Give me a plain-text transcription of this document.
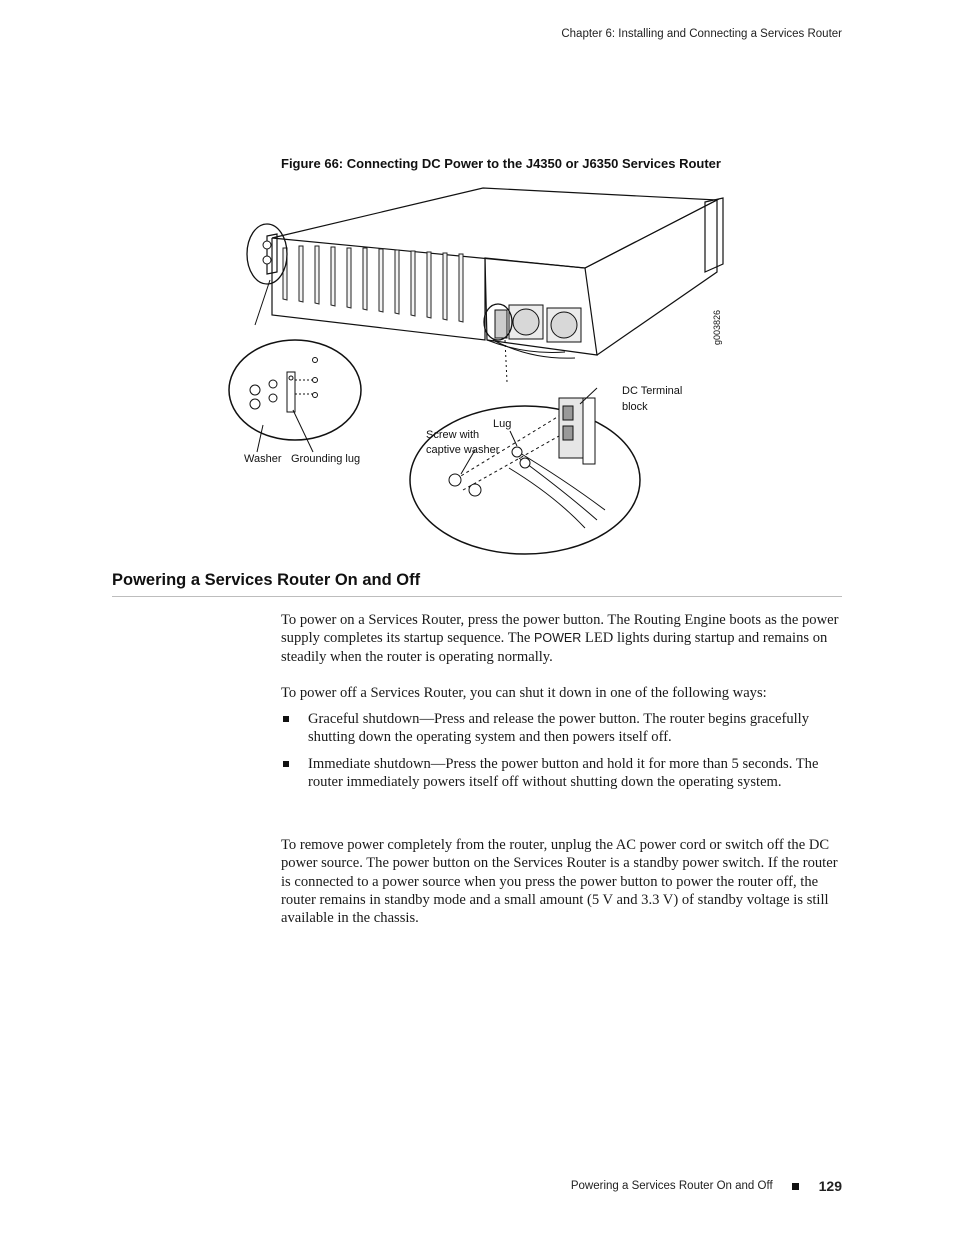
Chapter 6: Installing and Connecting a Services Router
Figure 66: Connecting DC Power to the J4350 or J6350 Services Router
Washer Grounding lug
Lug
Screw with
captive washer
DC Terminal
block
g003826
Powering a Services Router On and Off

To power on a Services Router, press the power button. The Routing Engine boots as the power supply completes its startup sequence. The POWER LED lights during startup and remains on steadily when the router is operating normally.

To power off a Services Router, you can shut it down in one of the following ways:

Graceful shutdown—Press and release the power button. The router begins gracefully shutting down the operating system and then powers itself off.
Immediate shutdown—Press the power button and hold it for more than 5 seconds. The router immediately powers itself off without shutting down the operating system.

To remove power completely from the router, unplug the AC power cord or switch off the DC power source. The power button on the Services Router is a standby power switch. If the router is connected to a power source when you press the power button to power the router off, the router remains in standby mode and a small amount (5 V and 3.3 V) of standby voltage is still available in the chassis.

Powering a Services Router On and Off	129
